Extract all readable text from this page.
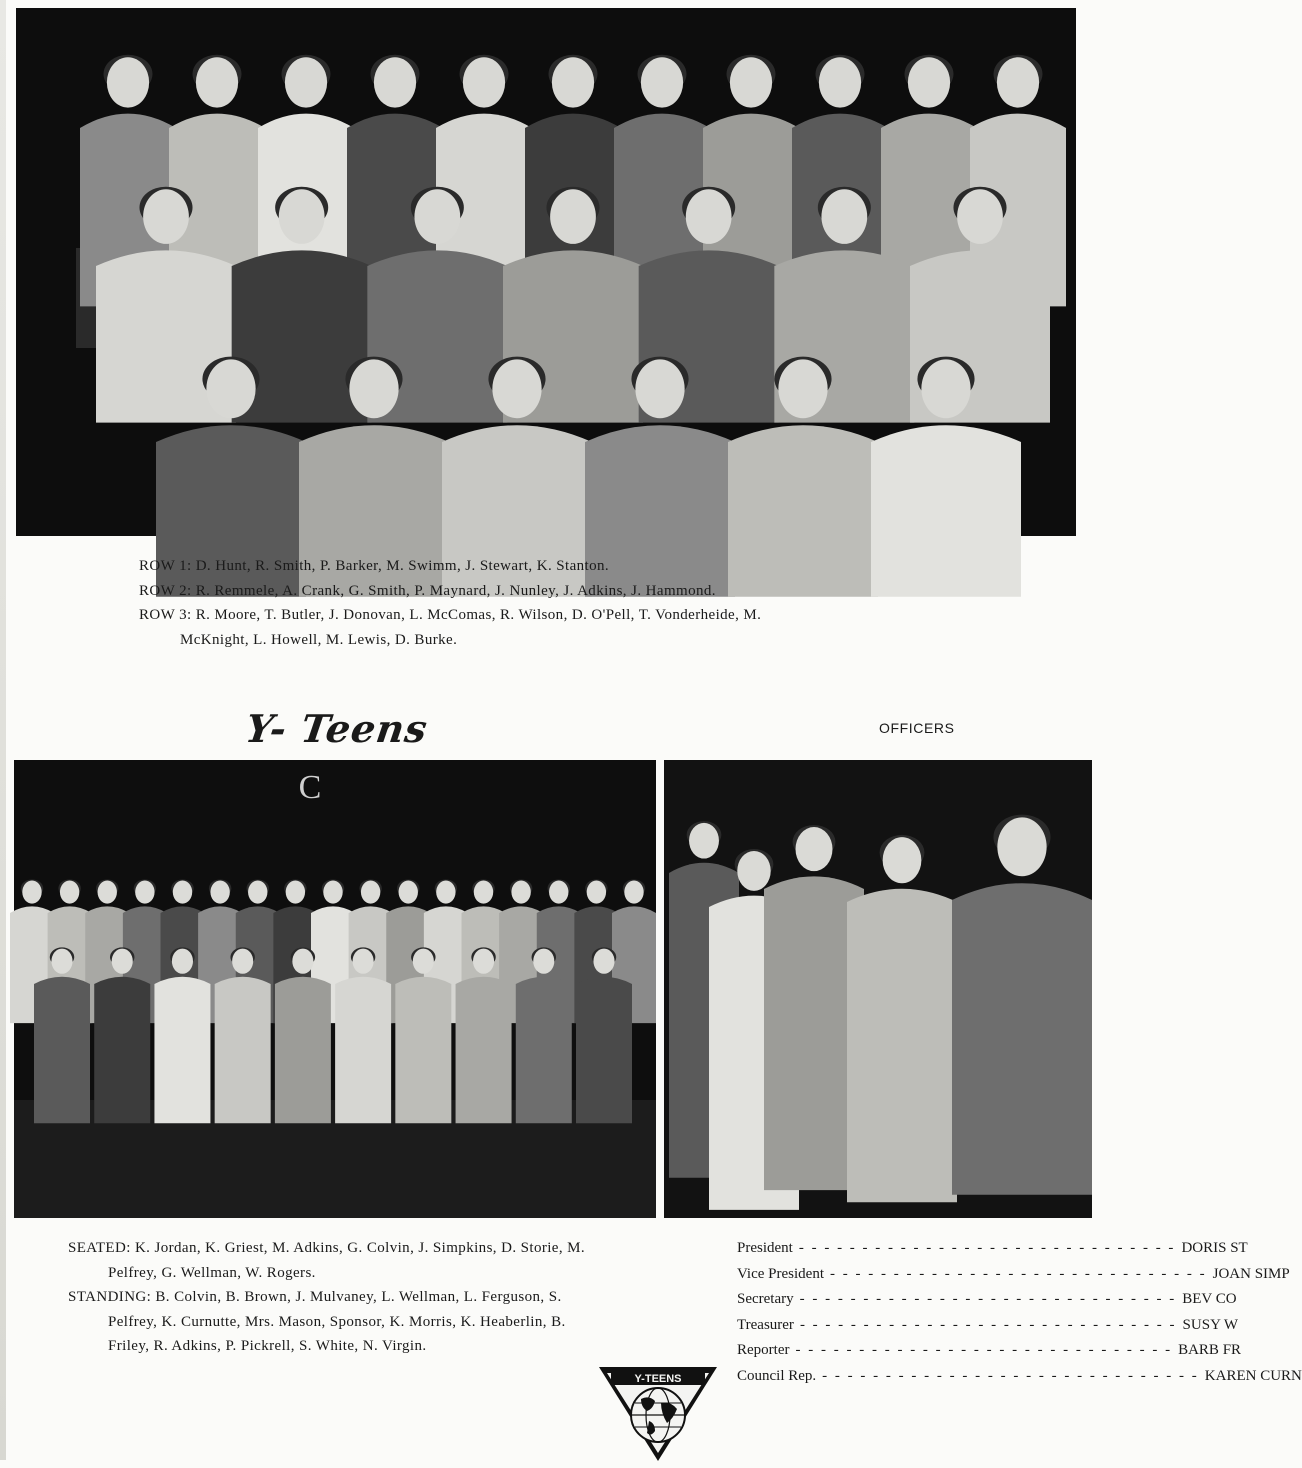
ROW 1: D. Hunt, R. Smith, P. Barker, M. Swimm, J. Stewart, K. Stanton.
ROW 2: R. Remmele, A. Crank, G. Smith, P. Maynard, J. Nunley, J. Adkins, J. Hammond.
ROW 3: R. Moore, T. Butler, J. Donovan, L. McComas, R. Wilson, D. O'Pell, T. Vonderheide, M.
McKnight, L. Howell, M. Lewis, D. Burke.
Y- Teens	OFFICERS
C
SEATED: K. Jordan, K. Griest, M. Adkins, G. Colvin, J. Simpkins, D. Storie, M. Pelfrey, G. Wellman, W. Rogers.
STANDING: B. Colvin, B. Brown, J. Mulvaney, L. Wellman, L. Ferguson, S. Pelfrey, K. Curnutte, Mrs. Mason, Sponsor, K. Morris, K. Heaberlin, B. Friley, R. Adkins, P. Pickrell, S. White, N. Virgin.
President - - - - - - - - - - - - - - - - - - - - - - - - - - - - - - DORIS ST
Vice President - - - - - - - - - - - - - - - - - - - - - - - - - - - - - - JOAN SIMP
Secretary - - - - - - - - - - - - - - - - - - - - - - - - - - - - - - BEV CO
Treasurer - - - - - - - - - - - - - - - - - - - - - - - - - - - - - - SUSY W
Reporter - - - - - - - - - - - - - - - - - - - - - - - - - - - - - - BARB FR
Council Rep. - - - - - - - - - - - - - - - - - - - - - - - - - - - - - - KAREN CURN
Y-TEENS
